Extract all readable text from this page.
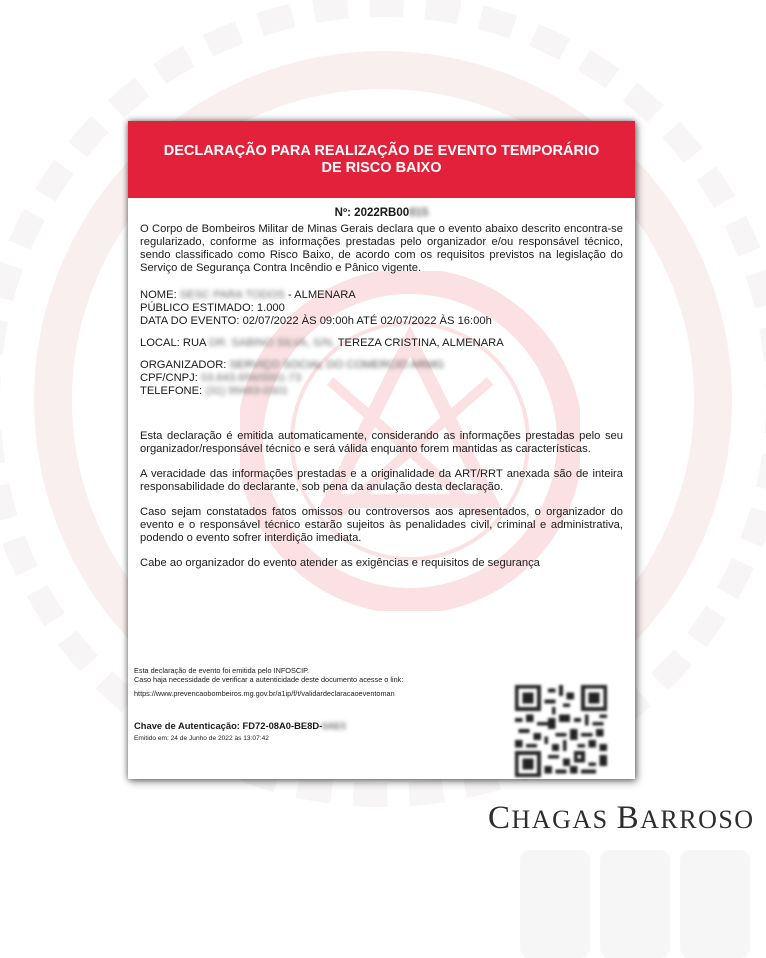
DECLARAÇÃO PARA REALIZAÇÃO DE EVENTO TEMPORÁRIO
DE RISCO BAIXO
Nº: 2022RB00815
O Corpo de Bombeiros Militar de Minas Gerais declara que o evento abaixo descrito encontra-se regularizado, conforme as informações prestadas pelo organizador e/ou responsável técnico, sendo classificado como Risco Baixo, de acordo com os requisitos previstos na legislação do Serviço de Segurança Contra Incêndio e Pânico vigente.
NOME: SESC PARA TODOS - ALMENARA
PÚBLICO ESTIMADO: 1.000
DATA DO EVENTO: 02/07/2022 ÀS 09:00h ATÉ 02/07/2022 ÀS 16:00h
LOCAL: RUA DR. SABINO SILVA, S/N, TEREZA CRISTINA, ALMENARA
ORGANIZADOR: SERVIÇO SOCIAL DO COMERCIO ARMG
CPF/CNPJ: 03.643.656/0001-73
TELEFONE: (31) 99463-0301

Esta declaração é emitida automaticamente, considerando as informações prestadas pelo seu organizador/responsável técnico e será válida enquanto forem mantidas as características.

A veracidade das informações prestadas e a originalidade da ART/RRT anexada são de inteira responsabilidade do declarante, sob pena da anulação desta declaração.

Caso sejam constatados fatos omissos ou controversos aos apresentados, o organizador do evento e o responsável técnico estarão sujeitos às penalidades civil, criminal e administrativa, podendo o evento sofrer interdição imediata.

Cabe ao organizador do evento atender as exigências e requisitos de segurança

Esta declaração de evento foi emitida pelo INFOSCIP.
Caso haja necessidade de verificar a autenticidade deste documento acesse o link:
https://www.prevencaobombeiros.mg.gov.br/a1ip/f/t/validardeclaracaoeventoman
Chave de Autenticação: FD72-08A0-BE8D-6AE3
Emitido em: 24 de Junho de 2022 às 13:07:42
CHAGAS BARROSO
